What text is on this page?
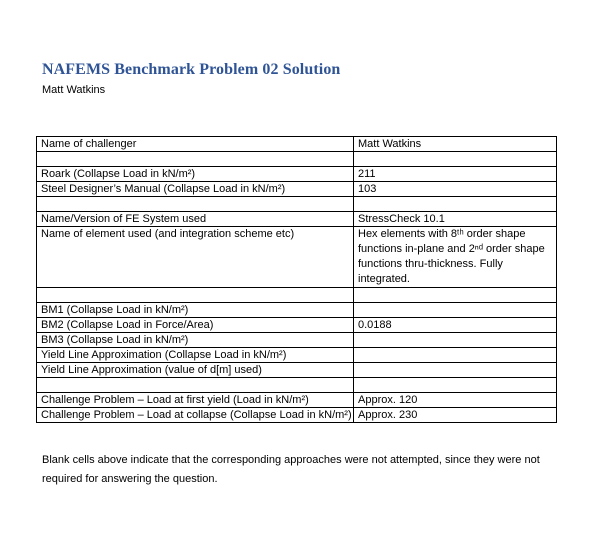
NAFEMS Benchmark Problem 02 Solution
Matt Watkins
Name of challenger	Matt Watkins

Roark (Collapse Load in kN/m²)	211
Steel Designer’s Manual (Collapse Load in kN/m²)	103

Name/Version of FE System used	StressCheck 10.1
Name of element used (and integration scheme etc)	Hex elements with 8ᵗʰ order shape functions in-plane and 2ⁿᵈ order shape functions thru-thickness. Fully integrated.

BM1 (Collapse Load in kN/m²)	
BM2 (Collapse Load in Force/Area)	0.0188
BM3 (Collapse Load in kN/m²)	
Yield Line Approximation (Collapse Load in kN/m²)	
Yield Line Approximation (value of d[m] used)	

Challenge Problem – Load at first yield (Load in kN/m²)	Approx. 120
Challenge Problem – Load at collapse (Collapse Load in kN/m²)	Approx. 230

Blank cells above indicate that the corresponding approaches were not attempted, since they were not required for answering the question.
